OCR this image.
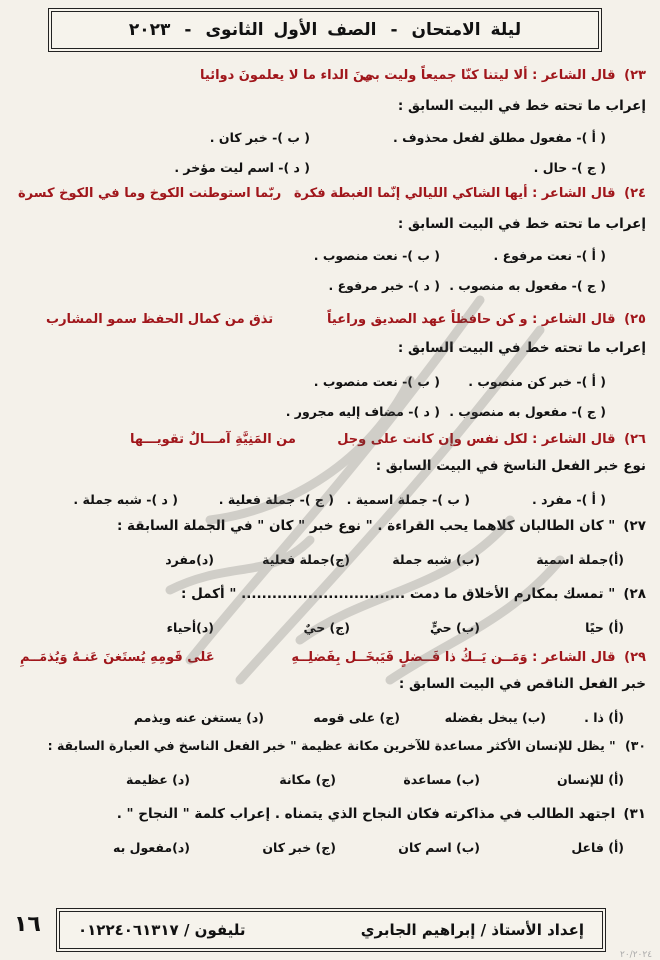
ليلة الامتحان
-
الصف الأول الثانوى
-
٢٠٢٣
٢٣) قال الشاعر : ألا ليتنا كنّا جميعاً وليت بي
منَ الداء ما لا يعلمونَ دوائيا
إعراب ما تحته خط في البيت السابق :
( أ )- مفعول مطلق لفعل محذوف .
( ب )- خبر كان .
( ج )- حال .
( د )- اسم ليت مؤخر .
٢٤) قال الشاعر : أيها الشاكي الليالي إنّما الغبطة فكرة
ربّما استوطنت الكوخ وما في الكوخ كسرة
إعراب ما تحته خط في البيت السابق :
( أ )- نعت مرفوع .
( ب )- نعت منصوب .
( ج )- مفعول به منصوب .
( د )- خبر مرفوع .
٢٥) قال الشاعر : و كن حافظاً عهد الصديق وراعياً
تذق من كمال الحفظ سمو المشارب
إعراب ما تحته خط في البيت السابق :
( أ )- خبر كن منصوب .
( ب )- نعت منصوب .
( ج )- مفعول به منصوب .
( د )- مضاف إليه مجرور .
٢٦) قال الشاعر : لكل نفس وإن كانت على وجل
من المَنِيَّةِ آمـــالٌ تقويـــها
نوع خبر الفعل الناسخ في البيت السابق :
( أ )- مفرد .
( ب )- جملة اسمية .
( ج )- جملة فعلية .
( د )- شبه جملة .
٢٧) " كان الطالبان كلاهما يحب القراءة . " نوع خبر " كان " في الجملة السابقة :
(أ)جملة اسمية
(ب) شبه جملة
(ج)جملة فعلية
(د)مفرد
٢٨) " تمسك بمكارم الأخلاق ما دمت ................................ " أكمل :
(أ) حيًا
(ب) حيٍّ
(ج) حيٌ
(د)أحياء
٢٩) قال الشاعر : وَمَــن يَــكُ ذا فَــضلٍ فَيَبخَــل بِفَضلِــهِ
عَلى قَومِهِ يُستَغنَ عَنـهُ وَيُذمَــمِ
خبر الفعل الناقص في البيت السابق :
(أ) ذا .
(ب) يبخل بفضله
(ج) على قومه
(د) يستغن عنه ويذمم
٣٠) " يظل للإنسان الأكثر مساعدة للآخرين مكانة عظيمة " خبر الفعل الناسخ في العبارة السابقة :
(أ) للإنسان
(ب) مساعدة
(ج) مكانة
(د) عظيمة
٣١) اجتهد الطالب في مذاكرته فكان النجاح الذي يتمناه . إعراب كلمة " النجاح " .
(أ) فاعل
(ب) اسم كان
(ج) خبر كان
(د)مفعول به
إعداد الأستاذ / إبراهيم الجابري
تليفون / ٠١٢٢٤٠٦١٣١٧
١٦
٢٠/٢٠٢٤
